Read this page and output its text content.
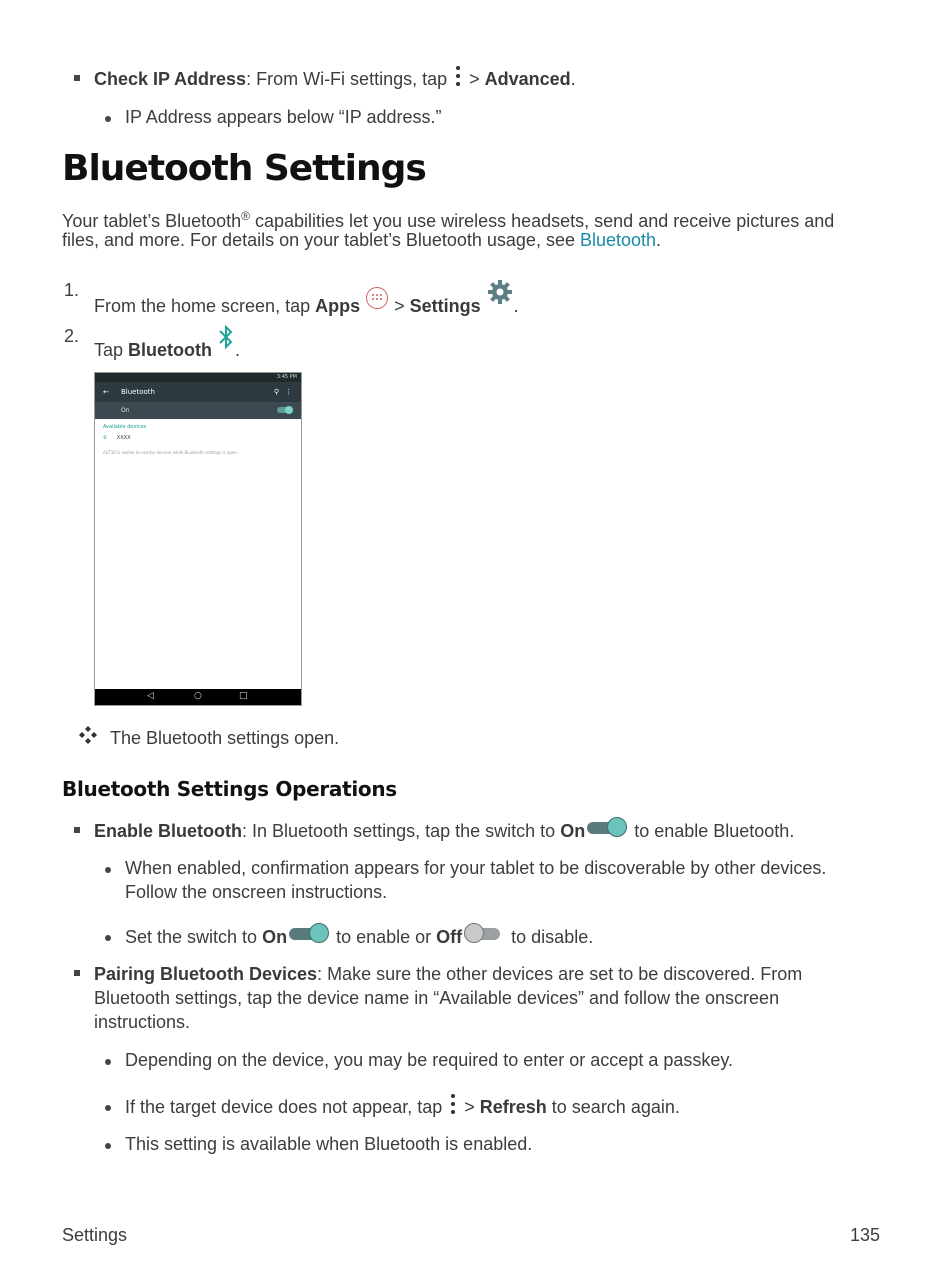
Check IP Address: From Wi-Fi settings, tap
> Advanced.
IP Address appears below “IP address.”
Bluetooth Settings
Your tablet’s Bluetooth® capabilities let you use wireless headsets, send and receive pictures and
files, and more. For details on your tablet’s Bluetooth usage, see Bluetooth.
1.
From the home screen, tap Apps  > Settings .
2.
Tap Bluetooth .
3:45 PM
← Bluetooth	⚲ ⋮
On
Available devices
✆ XXXX
A2710 is visible to nearby devices while Bluetooth settings is open.
◁	○	□
The Bluetooth settings open.
Bluetooth Settings Operations
Enable Bluetooth: In Bluetooth settings, tap the switch to On
to enable Bluetooth.
When enabled, confirmation appears for your tablet to be discoverable by other devices.
Follow the onscreen instructions.
Set the switch to On
to enable or Off
to disable.
Pairing Bluetooth Devices: Make sure the other devices are set to be discovered. From
Bluetooth settings, tap the device name in “Available devices” and follow the onscreen
instructions.
Depending on the device, you may be required to enter or accept a passkey.
If the target device does not appear, tap
> Refresh to search again.
This setting is available when Bluetooth is enabled.
Settings	135
